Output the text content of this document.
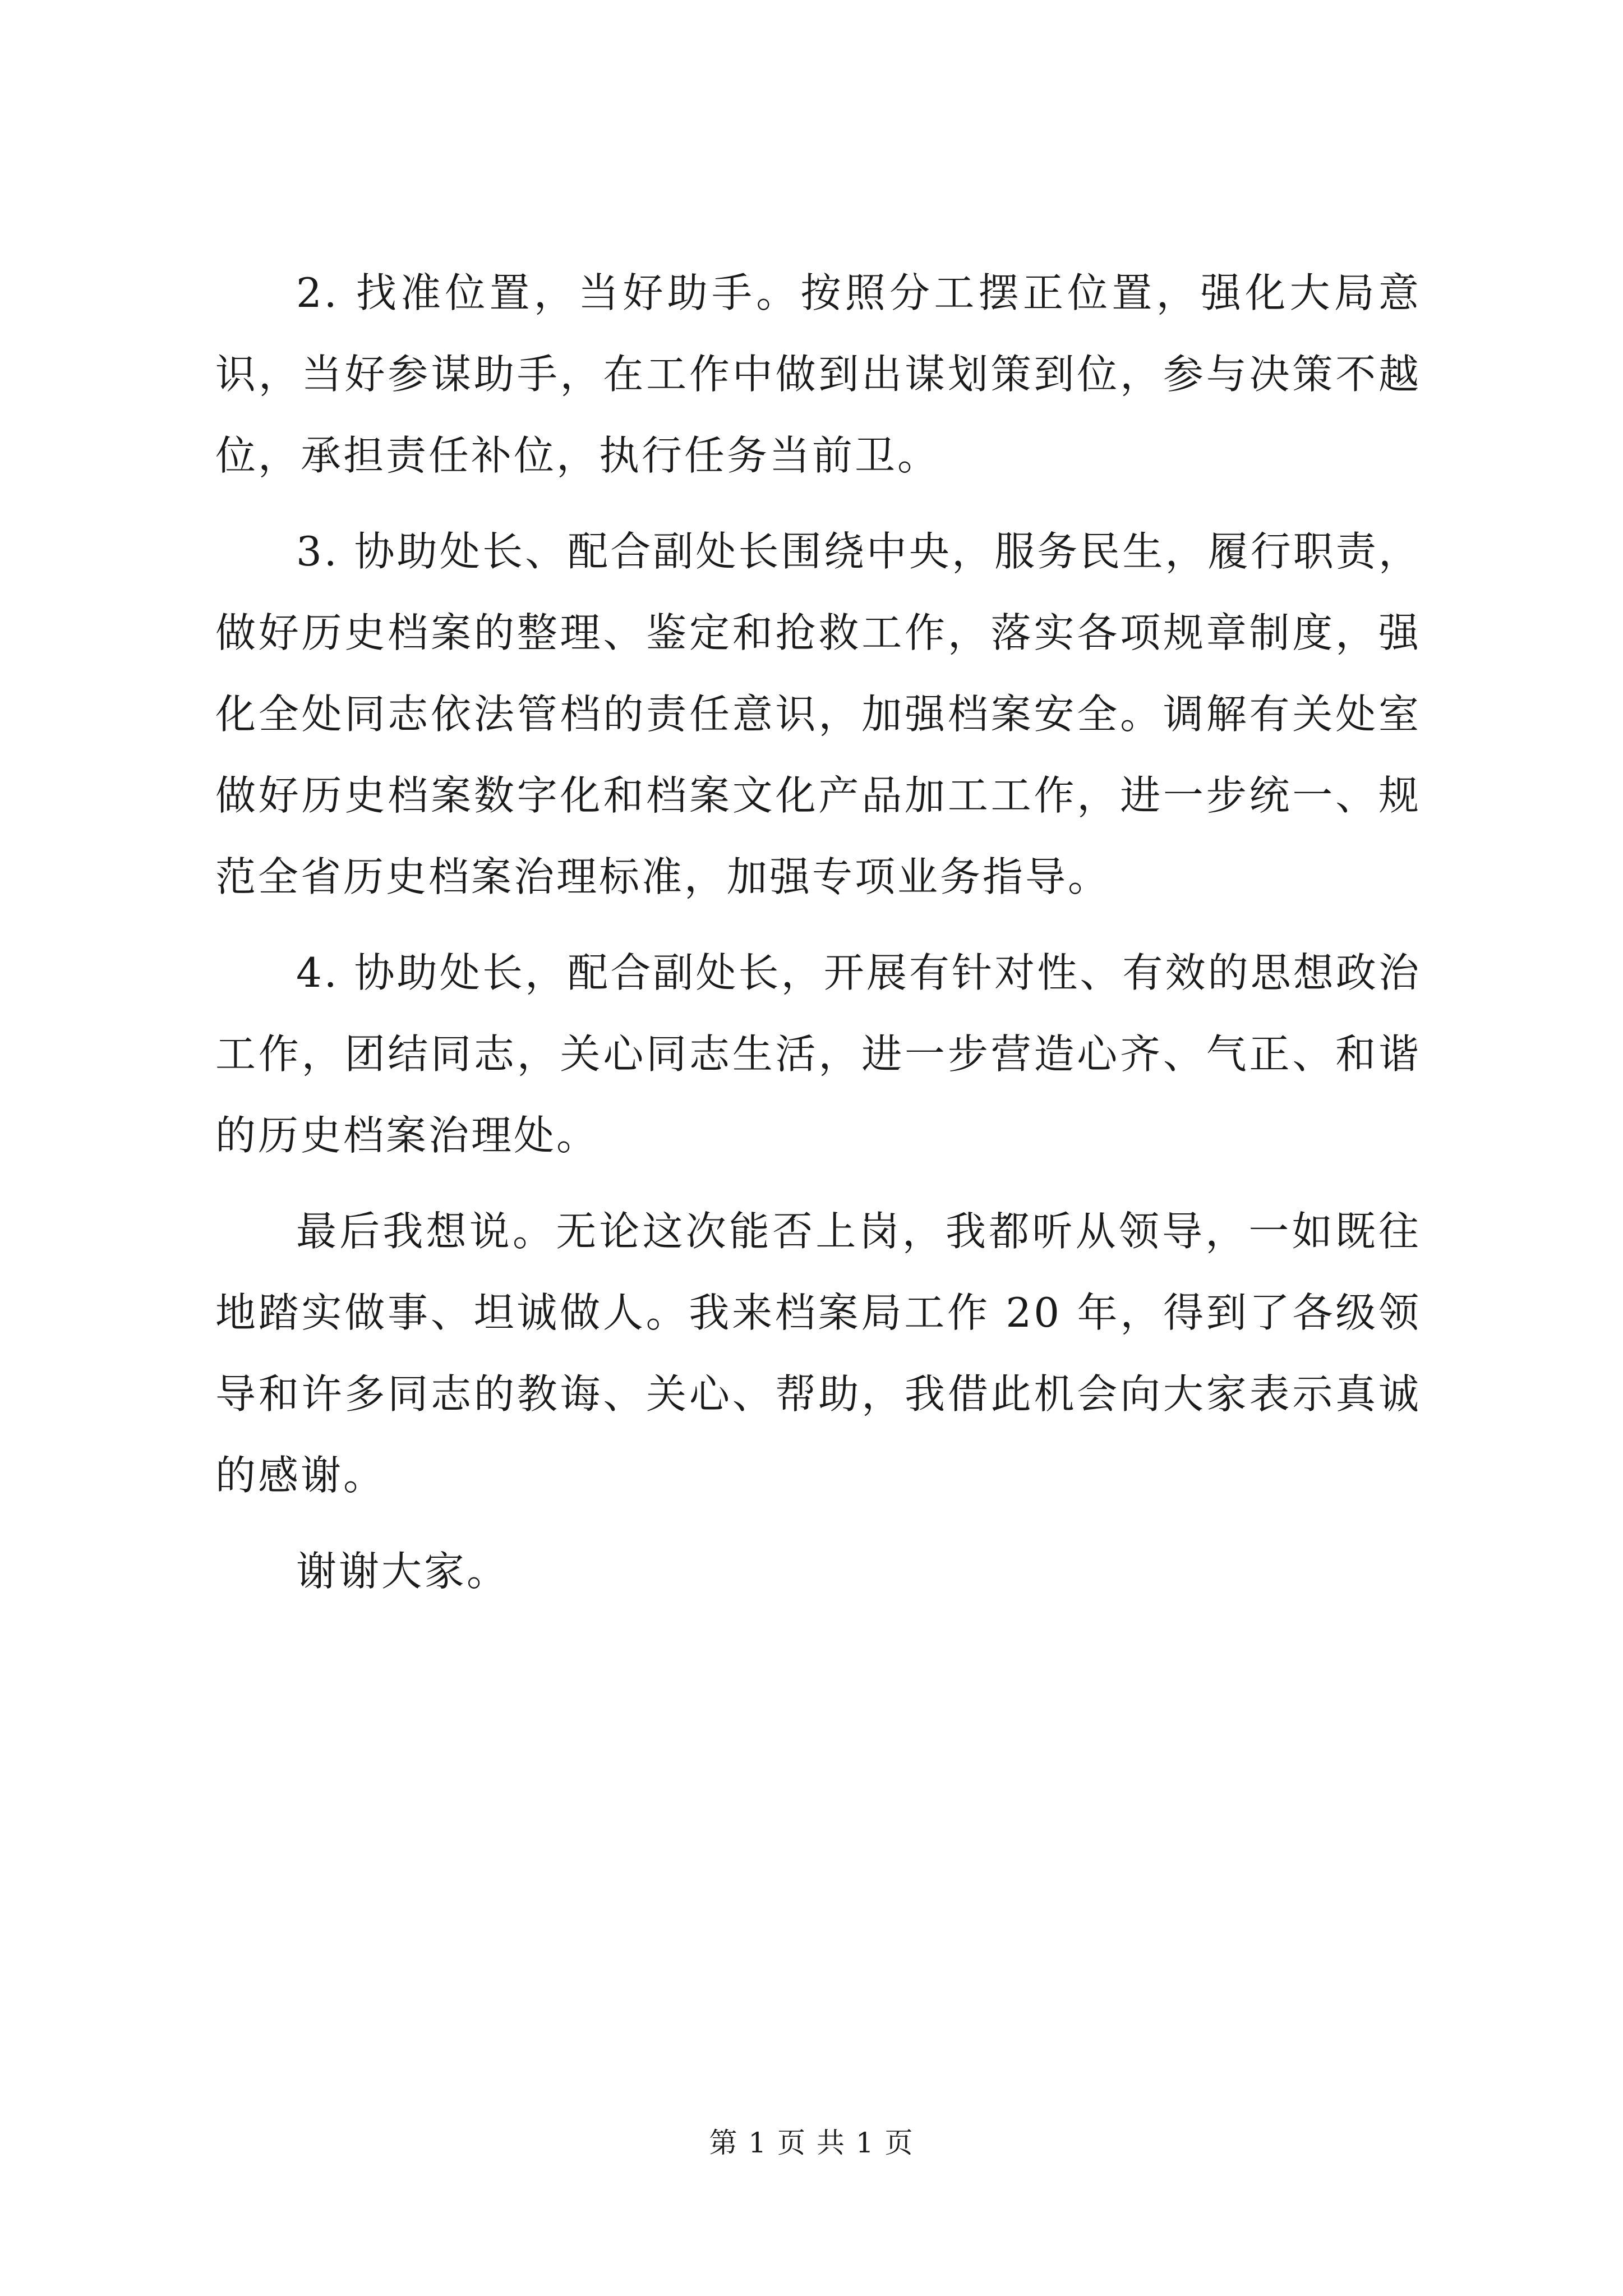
2. 找准位置，当好助手。按照分工摆正位置，强化大局意识，当好参谋助手，在工作中做到出谋划策到位，参与决策不越位，承担责任补位，执行任务当前卫。

3. 协助处长、配合副处长围绕中央，服务民生，履行职责，做好历史档案的整理、鉴定和抢救工作，落实各项规章制度，强化全处同志依法管档的责任意识，加强档案安全。调解有关处室做好历史档案数字化和档案文化产品加工工作，进一步统一、规范全省历史档案治理标准，加强专项业务指导。

4. 协助处长，配合副处长，开展有针对性、有效的思想政治工作，团结同志，关心同志生活，进一步营造心齐、气正、和谐的历史档案治理处。

最后我想说。无论这次能否上岗，我都听从领导，一如既往地踏实做事、坦诚做人。我来档案局工作 20 年，得到了各级领导和许多同志的教诲、关心、帮助，我借此机会向大家表示真诚的感谢。

谢谢大家。

第 1 页 共 1 页
